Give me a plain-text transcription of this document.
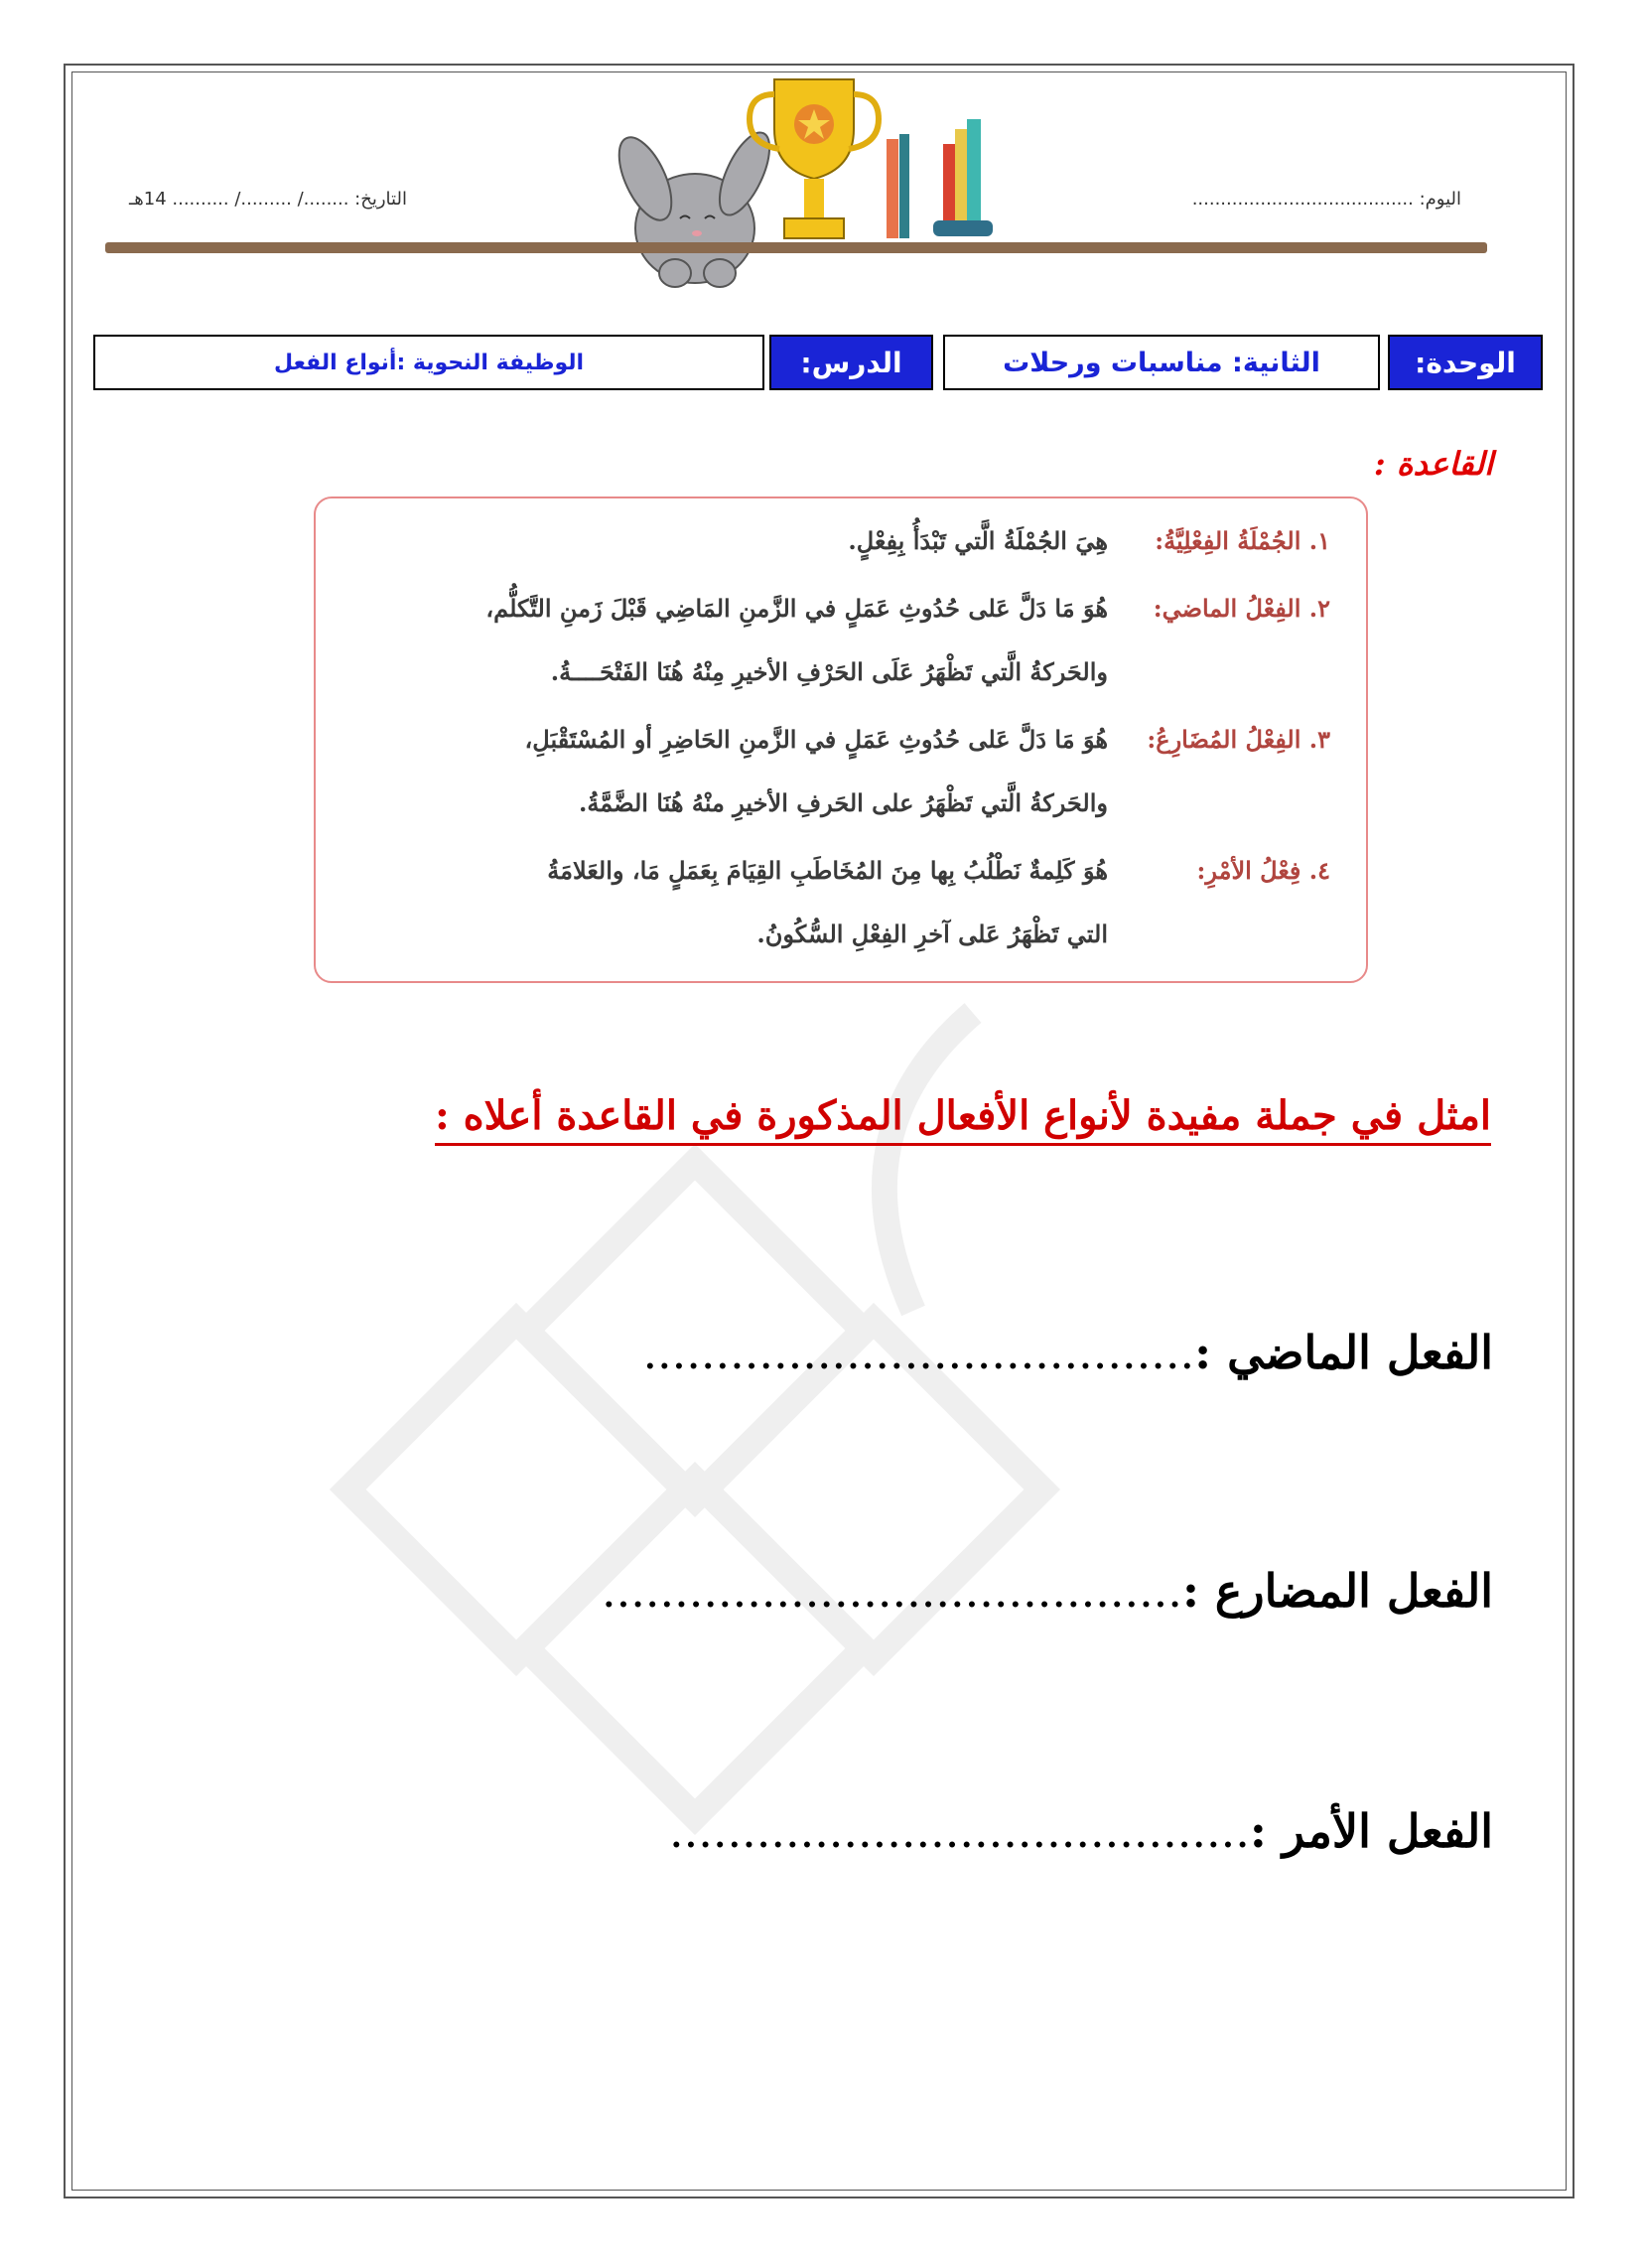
اليوم: .......................................
التاريخ: ......../ ........./ .......... 14هـ
الوحدة:
الثانية: مناسبات ورحلات
الدرس:
الوظيفة النحوية :أنواع الفعل
القاعدة :
١. الجُمْلَةُ الفِعْلِيَّةُ:
هِيَ الجُمْلَةُ الَّتي تَبْدَأُ بِفِعْلٍ.
٢. الفِعْلُ الماضي:
هُوَ مَا دَلَّ عَلى حُدُوثِ عَمَلٍ في الزَّمنِ المَاضِي قَبْلَ زَمنِ التَّكلُّم،
والحَركةُ الَّتي تَظْهَرُ عَلَى الحَرْفِ الأخيرِ مِنْهُ هُنَا الفَتْحَــــةُ.
٣. الفِعْلُ المُضَارِعُ:
هُوَ مَا دَلَّ عَلى حُدُوثِ عَمَلٍ في الزَّمنِ الحَاضِرِ أو المُسْتَقْبَلِ،
والحَركةُ الَّتي تَظْهَرُ على الحَرفِ الأخيرِ منْهُ هُنَا الضَّمَّةُ.
٤. فِعْلُ الأمْرِ:
هُوَ كَلِمةٌ نَطْلُبُ بِها مِنَ المُخَاطَبِ القِيَامَ بِعَمَلٍ مَا، والعَلامَةُ
التي تَظْهَرُ عَلى آخرِ الفِعْلِ السُّكُونُ.
امثل في جملة مفيدة لأنواع الأفعال المذكورة في القاعدة أعلاه :
الفعل الماضي :......................................
الفعل المضارع :........................................
الفعل الأمر :........................................
